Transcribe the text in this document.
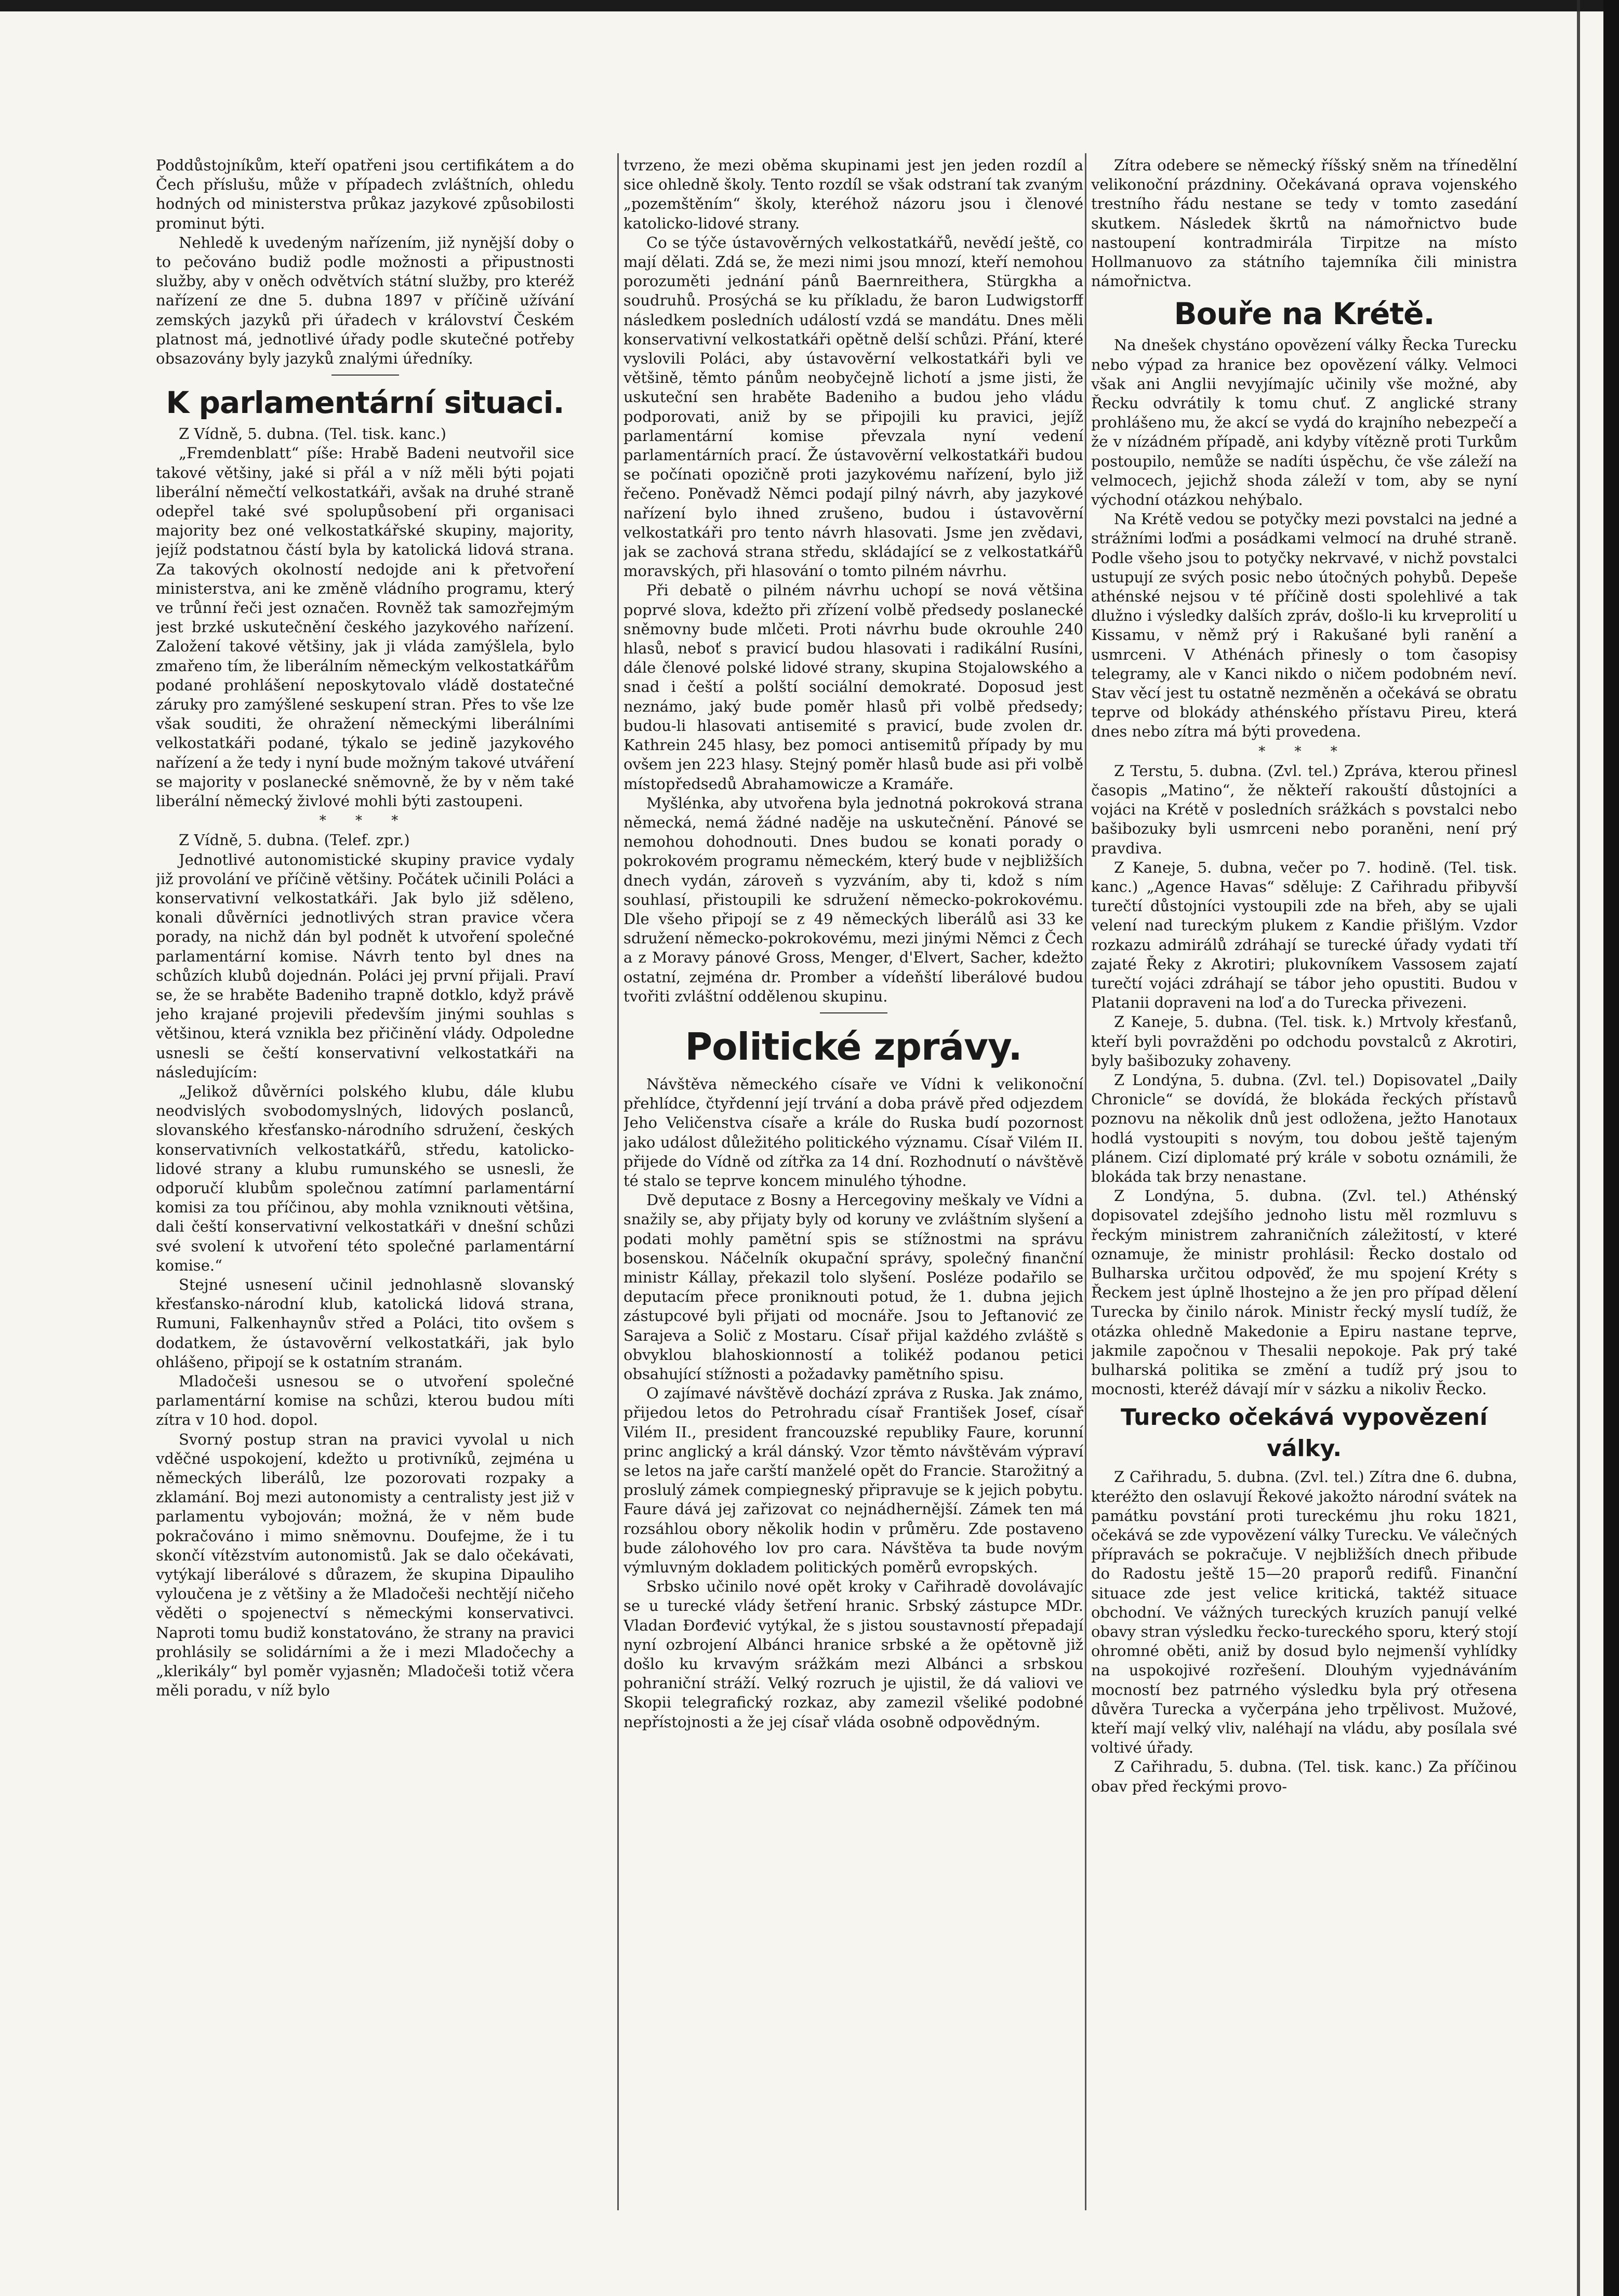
Poddůstojníkům, kteří opatřeni jsou certifikátem a do Čech příslušu, může v případech zvláštních, ohledu hodných od ministerstva průkaz jazykové způsobilosti prominut býti.

Nehledě k uvedeným nařízením, již nynější doby o to pečováno budiž podle možnosti a připustnosti služby, aby v oněch odvětvích státní služby, pro kteréž nařízení ze dne 5. dubna 1897 v příčině užívání zemských jazyků při úřadech v království Českém platnost má, jednotlivé úřady podle skutečné potřeby obsazovány byly jazyků znalými úředníky.

K parlamentární situaci.

Z Vídně, 5. dubna. (Tel. tisk. kanc.)

„Fremdenblatt“ píše: Hrabě Badeni neutvořil sice takové většiny, jaké si přál a v níž měli býti pojati liberální němečtí velkostatkáři, avšak na druhé straně odepřel také své spolupůsobení při organisaci majority bez oné velkostatkářské skupiny, majority, jejíž podstatnou částí byla by katolická lidová strana. Za takových okolností nedojde ani k přetvoření ministerstva, ani ke změně vládního programu, který ve trůnní řeči jest označen. Rovněž tak samozřejmým jest brzké uskutečnění českého jazykového nařízení. Založení takové většiny, jak ji vláda zamýšlela, bylo zmařeno tím, že liberálním německým velkostatkářům podané prohlášení neposkytovalo vládě dostatečné záruky pro zamýšlené seskupení stran. Přes to vše lze však souditi, že ohražení německými liberálními velkostatkáři podané, týkalo se jedině jazykového nařízení a že tedy i nyní bude možným takové utváření se majority v poslanecké sněmovně, že by v něm také liberální německý živlové mohli býti zastoupeni.

* * *

Z Vídně, 5. dubna. (Telef. zpr.)

Jednotlivé autonomistické skupiny pravice vydaly již provolání ve příčině většiny. Počátek učinili Poláci a konservativní velkostatkáři. Jak bylo již sděleno, konali důvěrníci jednotlivých stran pravice včera porady, na nichž dán byl podnět k utvoření společné parlamentární komise. Návrh tento byl dnes na schůzích klubů dojednán. Poláci jej první přijali. Praví se, že se hraběte Badeniho trapně dotklo, když právě jeho krajané projevili především jinými souhlas s většinou, která vznikla bez přičinění vlády. Odpoledne usnesli se čeští konservativní velkostatkáři na následujícím:

„Jelikož důvěrníci polského klubu, dále klubu neodvislých svobodomyslných, lidových poslanců, slovanského křesťansko-národního sdružení, českých konservativních velkostatkářů, středu, katolicko-lidové strany a klubu rumunského se usnesli, že odporučí klubům společnou zatímní parlamentární komisi za tou příčinou, aby mohla vzniknouti většina, dali čeští konservativní velkostatkáři v dnešní schůzi své svolení k utvoření této společné parlamentární komise.“

Stejné usnesení učinil jednohlasně slovanský křesťansko-národní klub, katolická lidová strana, Rumuni, Falkenhaynův střed a Poláci, tito ovšem s dodatkem, že ústavověrní velkostatkáři, jak bylo ohlášeno, připojí se k ostatním stranám.

Mladočeši usnesou se o utvoření společné parlamentární komise na schůzi, kterou budou míti zítra v 10 hod. dopol.

Svorný postup stran na pravici vyvolal u nich vděčné uspokojení, kdežto u protivníků, zejména u německých liberálů, lze pozorovati rozpaky a zklamání. Boj mezi autonomisty a centralisty jest již v parlamentu vybojován; možná, že v něm bude pokračováno i mimo sněmovnu. Doufejme, že i tu skončí vítězstvím autonomistů. Jak se dalo očekávati, vytýkají liberálové s důrazem, že skupina Dipauliho vyloučena je z většiny a že Mladočeši nechtějí ničeho věděti o spojenectví s německými konservativci. Naproti tomu budiž konstatováno, že strany na pravici prohlásily se solidárními a že i mezi Mladočechy a „klerikály“ byl poměr vyjasněn; Mladočeši totiž včera měli poradu, v níž bylo

tvrzeno, že mezi oběma skupinami jest jen jeden rozdíl a sice ohledně školy. Tento rozdíl se však odstraní tak zvaným „pozemštěním“ školy, kteréhož názoru jsou i členové katolicko-lidové strany.

Co se týče ústavověrných velkostatkářů, nevědí ještě, co mají dělati. Zdá se, že mezi nimi jsou mnozí, kteří nemohou porozuměti jednání pánů Baernreithera, Stürgkha a soudruhů. Prosýchá se ku příkladu, že baron Ludwigstorff následkem posledních událostí vzdá se mandátu. Dnes měli konservativní velkostatkáři opětně delší schůzi. Přání, které vyslovili Poláci, aby ústavověrní velkostatkáři byli ve většině, těmto pánům neobyčejně lichotí a jsme jisti, že uskuteční sen hraběte Badeniho a budou jeho vládu podporovati, aniž by se připojili ku pravici, jejíž parlamentární komise převzala nyní vedení parlamentárních prací. Že ústavověrní velkostatkáři budou se počínati opozičně proti jazykovému nařízení, bylo již řečeno. Poněvadž Němci podají pilný návrh, aby jazykové nařízení bylo ihned zrušeno, budou i ústavověrní velkostatkáři pro tento návrh hlasovati. Jsme jen zvědavi, jak se zachová strana středu, skládající se z velkostatkářů moravských, při hlasování o tomto pilném návrhu.

Při debatě o pilném návrhu uchopí se nová většina poprvé slova, kdežto při zřízení volbě předsedy poslanecké sněmovny bude mlčeti. Proti návrhu bude okrouhle 240 hlasů, neboť s pravicí budou hlasovati i radikální Rusíni, dále členové polské lidové strany, skupina Stojalowského a snad i čeští a polští sociální demokraté. Doposud jest neznámo, jaký bude poměr hlasů při volbě předsedy; budou-li hlasovati antisemité s pravicí, bude zvolen dr. Kathrein 245 hlasy, bez pomoci antisemitů případy by mu ovšem jen 223 hlasy. Stejný poměr hlasů bude asi při volbě místopředsedů Abrahamowicze a Kramáře.

Myšlénka, aby utvořena byla jednotná pokroková strana německá, nemá žádné naděje na uskutečnění. Pánové se nemohou dohodnouti. Dnes budou se konati porady o pokrokovém programu německém, který bude v nejbližších dnech vydán, zároveň s vyzváním, aby ti, kdož s ním souhlasí, přistoupili ke sdružení německo-pokrokovému. Dle všeho připojí se z 49 německých liberálů asi 33 ke sdružení německo-pokrokovému, mezi jinými Němci z Čech a z Moravy pánové Gross, Menger, d'Elvert, Sacher, kdežto ostatní, zejména dr. Promber a vídeňští liberálové budou tvořiti zvláštní oddělenou skupinu.

Politické zprávy.

Návštěva německého císaře ve Vídni k velikonoční přehlídce, čtyřdenní její trvání a doba právě před odjezdem Jeho Veličenstva císaře a krále do Ruska budí pozornost jako událost důležitého politického významu. Císař Vilém II. přijede do Vídně od zítřka za 14 dní. Rozhodnutí o návštěvě té stalo se teprve koncem minulého týhodne.

Dvě deputace z Bosny a Hercegoviny meškaly ve Vídni a snažily se, aby přijaty byly od koruny ve zvláštním slyšení a podati mohly pamětní spis se stížnostmi na správu bosenskou. Náčelník okupační správy, společný finanční ministr Kállay, překazil tolo slyšení. Posléze podařilo se deputacím přece proniknouti potud, že 1. dubna jejich zástupcové byli přijati od mocnáře. Jsou to Jeftanović ze Sarajeva a Solič z Mostaru. Císař přijal každého zvláště s obvyklou blahoskionností a tolikéž podanou petici obsahující stížnosti a požadavky pamětního spisu.

O zajímavé návštěvě dochází zpráva z Ruska. Jak známo, přijedou letos do Petrohradu císař František Josef, císař Vilém II., president francouzské republiky Faure, korunní princ anglický a král dánský. Vzor těmto návštěvám výpraví se letos na jaře carští manželé opět do Francie. Starožitný a proslulý zámek compiegneský připravuje se k jejich pobytu. Faure dává jej zařizovat co nejnádhernější. Zámek ten má rozsáhlou obory několik hodin v průměru. Zde postaveno bude zálohového lov pro cara. Návštěva ta bude novým výmluvným dokladem politických poměrů evropských.

Srbsko učinilo nové opět kroky v Cařihradě dovolávajíc se u turecké vlády šetření hranic. Srbský zástupce MDr. Vladan Đorđević vytýkal, že s jistou soustavností přepadají nyní ozbrojení Albánci hranice srbské a že opětovně již došlo ku krvavým srážkám mezi Albánci a srbskou pohraniční stráží. Velký rozruch je ujistil, že dá valiovi ve Skopii telegrafický rozkaz, aby zamezil všeliké podobné nepřístojnosti a že jej císař vláda osobně odpovědným.

Zítra odebere se německý říšský sněm na třínedělní velikonoční prázdniny. Očekávaná oprava vojenského trestního řádu nestane se tedy v tomto zasedání skutkem. Následek škrtů na námořnictvo bude nastoupení kontradmirála Tirpitze na místo Hollmanuovo za státního tajemníka čili ministra námořnictva.

Bouře na Krétě.

Na dnešek chystáno opovězení války Řecka Turecku nebo výpad za hranice bez opovězení války. Velmoci však ani Anglii nevyjímajíc učinily vše možné, aby Řecku odvrátily k tomu chuť. Z anglické strany prohlášeno mu, že akcí se vydá do krajního nebezpečí a že v nízádném případě, ani kdyby vítězně proti Turkům postoupilo, nemůže se nadíti úspěchu, če vše záleží na velmocech, jejichž shoda záleží v tom, aby se nyní východní otázkou nehýbalo.

Na Krétě vedou se potyčky mezi povstalci na jedné a strážními loďmi a posádkami velmocí na druhé straně. Podle všeho jsou to potyčky nekrvavé, v nichž povstalci ustupují ze svých posic nebo útočných pohybů. Depeše athénské nejsou v té příčině dosti spolehlivé a tak dlužno i výsledky dalších zpráv, došlo-li ku krveprolití u Kissamu, v němž prý i Rakušané byli ranění a usmrceni. V Athénách přinesly o tom časopisy telegramy, ale v Kanci nikdo o ničem podobném neví. Stav věcí jest tu ostatně nezměněn a očekává se obratu teprve od blokády athénského přístavu Pireu, která dnes nebo zítra má býti provedena.

* * *

Z Terstu, 5. dubna. (Zvl. tel.) Zpráva, kterou přinesl časopis „Matino“, že někteří rakouští důstojníci a vojáci na Krétě v posledních srážkách s povstalci nebo bašibozuky byli usmrceni nebo poraněni, není prý pravdiva.

Z Kaneje, 5. dubna, večer po 7. hodině. (Tel. tisk. kanc.) „Agence Havas“ sděluje: Z Cařihradu přibyvší turečtí důstojníci vystoupili zde na břeh, aby se ujali velení nad tureckým plukem z Kandie přišlým. Vzdor rozkazu admirálů zdráhají se turecké úřady vydati tří zajaté Řeky z Akrotiri; plukovníkem Vassosem zajatí turečtí vojáci zdráhají se tábor jeho opustiti. Budou v Platanii dopraveni na loď a do Turecka přivezeni.

Z Kaneje, 5. dubna. (Tel. tisk. k.) Mrtvoly křesťanů, kteří byli povražděni po odchodu povstalců z Akrotiri, byly bašibozuky zohaveny.

Z Londýna, 5. dubna. (Zvl. tel.) Dopisovatel „Daily Chronicle“ se dovídá, že blokáda řeckých přístavů poznovu na několik dnů jest odložena, ježto Hanotaux hodlá vystoupiti s novým, tou dobou ještě tajeným plánem. Cizí diplomaté prý krále v sobotu oznámili, že blokáda tak brzy nenastane.

Z Londýna, 5. dubna. (Zvl. tel.) Athénský dopisovatel zdejšího jednoho listu měl rozmluvu s řeckým ministrem zahraničních záležitostí, v které oznamuje, že ministr prohlásil: Řecko dostalo od Bulharska určitou odpověď, že mu spojení Kréty s Řeckem jest úplně lhostejno a že jen pro případ dělení Turecka by činilo nárok. Ministr řecký myslí tudíž, že otázka ohledně Makedonie a Epiru nastane teprve, jakmile započnou v Thesalii nepokoje. Pak prý také bulharská politika se změní a tudíž prý jsou to mocnosti, kteréž dávají mír v sázku a nikoliv Řecko.

Turecko očekává vypovězení války.

Z Cařihradu, 5. dubna. (Zvl. tel.) Zítra dne 6. dubna, kteréžto den oslavují Řekové jakožto národní svátek na památku povstání proti tureckému jhu roku 1821, očekává se zde vypovězení války Turecku. Ve válečných přípravách se pokračuje. V nejbližších dnech přibude do Radostu ještě 15—20 praporů redifů. Finanční situace zde jest velice kritická, taktéž situace obchodní. Ve vážných tureckých kruzích panují velké obavy stran výsledku řecko-tureckého sporu, který stojí ohromné oběti, aniž by dosud bylo nejmenší vyhlídky na uspokojivé rozřešení. Dlouhým vyjednáváním mocností bez patrného výsledku byla prý otřesena důvěra Turecka a vyčerpána jeho trpělivost. Mužové, kteří mají velký vliv, naléhají na vládu, aby posílala své voltivé úřady.

Z Cařihradu, 5. dubna. (Tel. tisk. kanc.) Za příčinou obav před řeckými provo-
